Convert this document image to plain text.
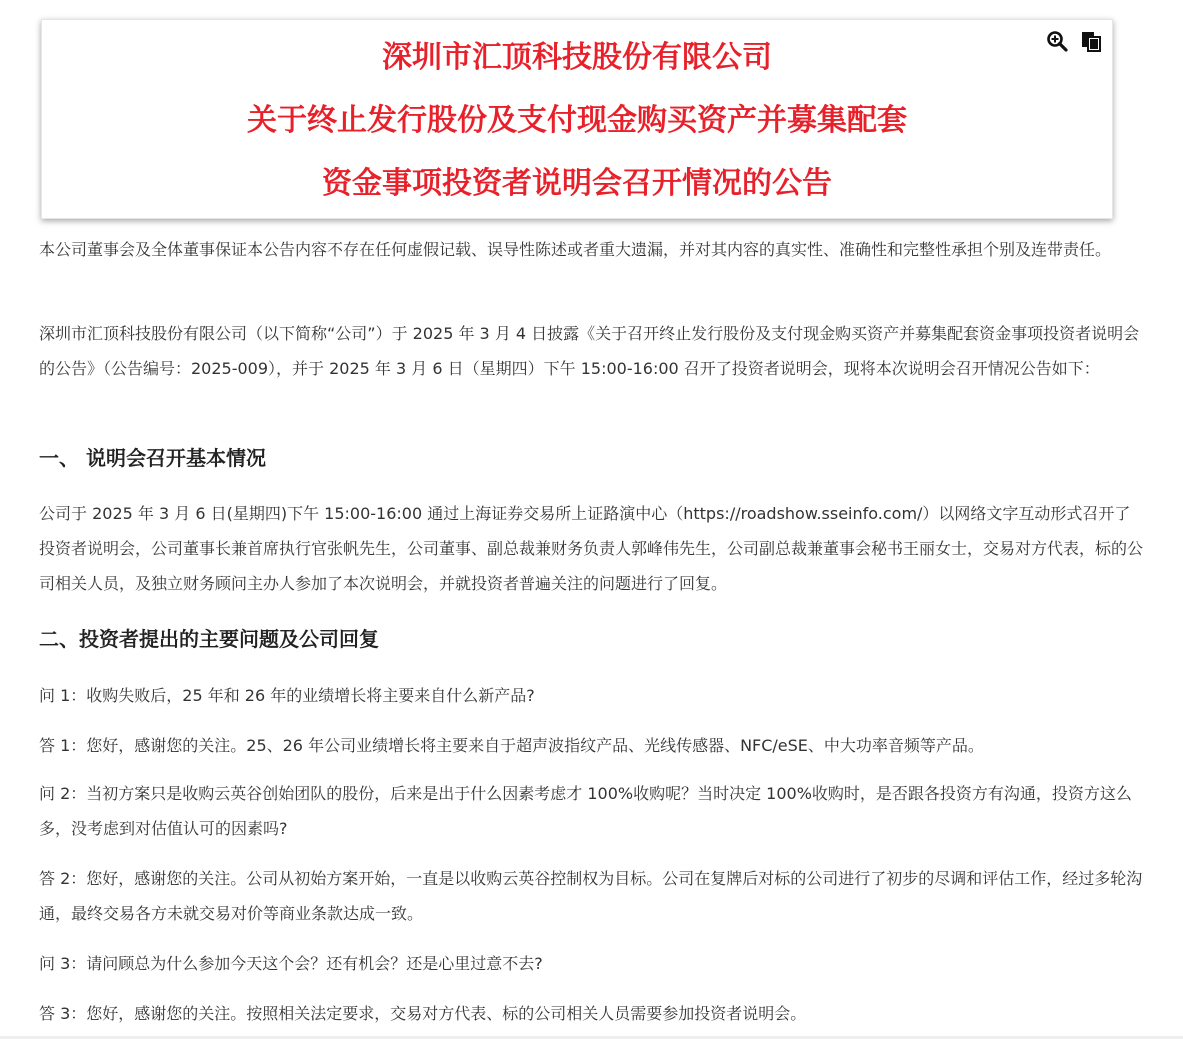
深圳市汇顶科技股份有限公司
关于终止发行股份及支付现金购买资产并募集配套
资金事项投资者说明会召开情况的公告

本公司董事会及全体董事保证本公告内容不存在任何虚假记载、误导性陈述或者重大遗漏，并对其内容的真实性、准确性和完整性承担个别及连带责任。

深圳市汇顶科技股份有限公司（以下简称“公司”）于 2025 年 3 月 4 日披露《关于召开终止发行股份及支付现金购买资产并募集配套资金事项投资者说明会的公告》（公告编号：2025-009），并于 2025 年 3 月 6 日（星期四）下午 15:00-16:00 召开了投资者说明会，现将本次说明会召开情况公告如下：

一、 说明会召开基本情况

公司于 2025 年 3 月 6 日(星期四)下午 15:00-16:00 通过上海证券交易所上证路演中心（https://roadshow.sseinfo.com/）以网络文字互动形式召开了投资者说明会，公司董事长兼首席执行官张帆先生，公司董事、副总裁兼财务负责人郭峰伟先生，公司副总裁兼董事会秘书王丽女士，交易对方代表，标的公司相关人员，及独立财务顾问主办人参加了本次说明会，并就投资者普遍关注的问题进行了回复。

二、投资者提出的主要问题及公司回复

问 1：收购失败后，25 年和 26 年的业绩增长将主要来自什么新产品?

答 1：您好，感谢您的关注。25、26 年公司业绩增长将主要来自于超声波指纹产品、光线传感器、NFC/eSE、中大功率音频等产品。

问 2：当初方案只是收购云英谷创始团队的股份，后来是出于什么因素考虑才 100%收购呢？当时决定 100%收购时，是否跟各投资方有沟通，投资方这么多，没考虑到对估值认可的因素吗?

答 2：您好，感谢您的关注。公司从初始方案开始，一直是以收购云英谷控制权为目标。公司在复牌后对标的公司进行了初步的尽调和评估工作，经过多轮沟通，最终交易各方未就交易对价等商业条款达成一致。

问 3：请问顾总为什么参加今天这个会？还有机会？还是心里过意不去?

答 3：您好，感谢您的关注。按照相关法定要求，交易对方代表、标的公司相关人员需要参加投资者说明会。
